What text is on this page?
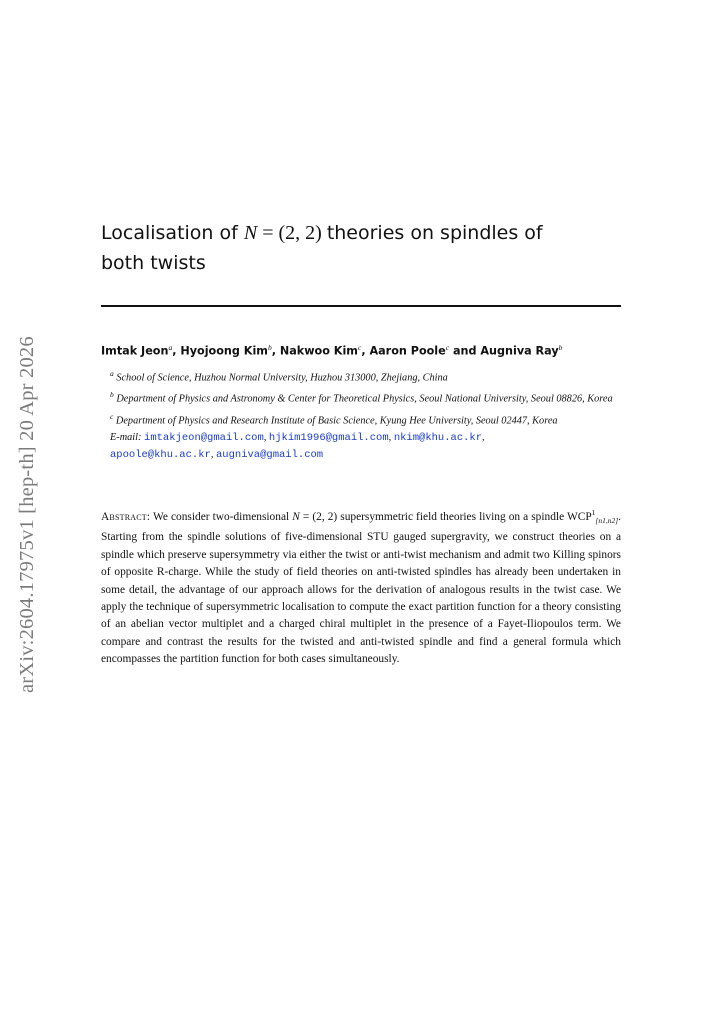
arXiv:2604.17975v1 [hep-th] 20 Apr 2026
Localisation of N = (2, 2) theories on spindles of
both twists
Imtak Jeon$^a$, Hyojoong Kim$^b$, Nakwoo Kim$^c$, Aaron Poole$^c$ and Augniva Ray$^b$
$^a$ School of Science, Huzhou Normal University, Huzhou 313000, Zhejiang, China
$^b$ Department of Physics and Astronomy & Center for Theoretical Physics, Seoul National University, Seoul 08826, Korea
$^c$ Department of Physics and Research Institute of Basic Science, Kyung Hee University, Seoul 02447, Korea
E-mail: imtakjeon@gmail.com, hjkim1996@gmail.com, nkim@khu.ac.kr,
apoole@khu.ac.kr, augniva@gmail.com
Abstract: We consider two-dimensional N = (2, 2) supersymmetric field theories living on a spindle $WCP^1_{[n1,n2]}$. Starting from the spindle solutions of five-dimensional STU gauged supergravity, we construct theories on a spindle which preserve supersymmetry via either the twist or anti-twist mechanism and admit two Killing spinors of opposite R-charge. While the study of field theories on anti-twisted spindles has already been undertaken in some detail, the advantage of our approach allows for the derivation of analogous results in the twist case. We apply the technique of supersymmetric localisation to compute the exact partition function for a theory consisting of an abelian vector multiplet and a charged chiral multiplet in the presence of a Fayet-Iliopoulos term. We compare and contrast the results for the twisted and anti-twisted spindle and find a general formula which encompasses the partition function for both cases simultaneously.
